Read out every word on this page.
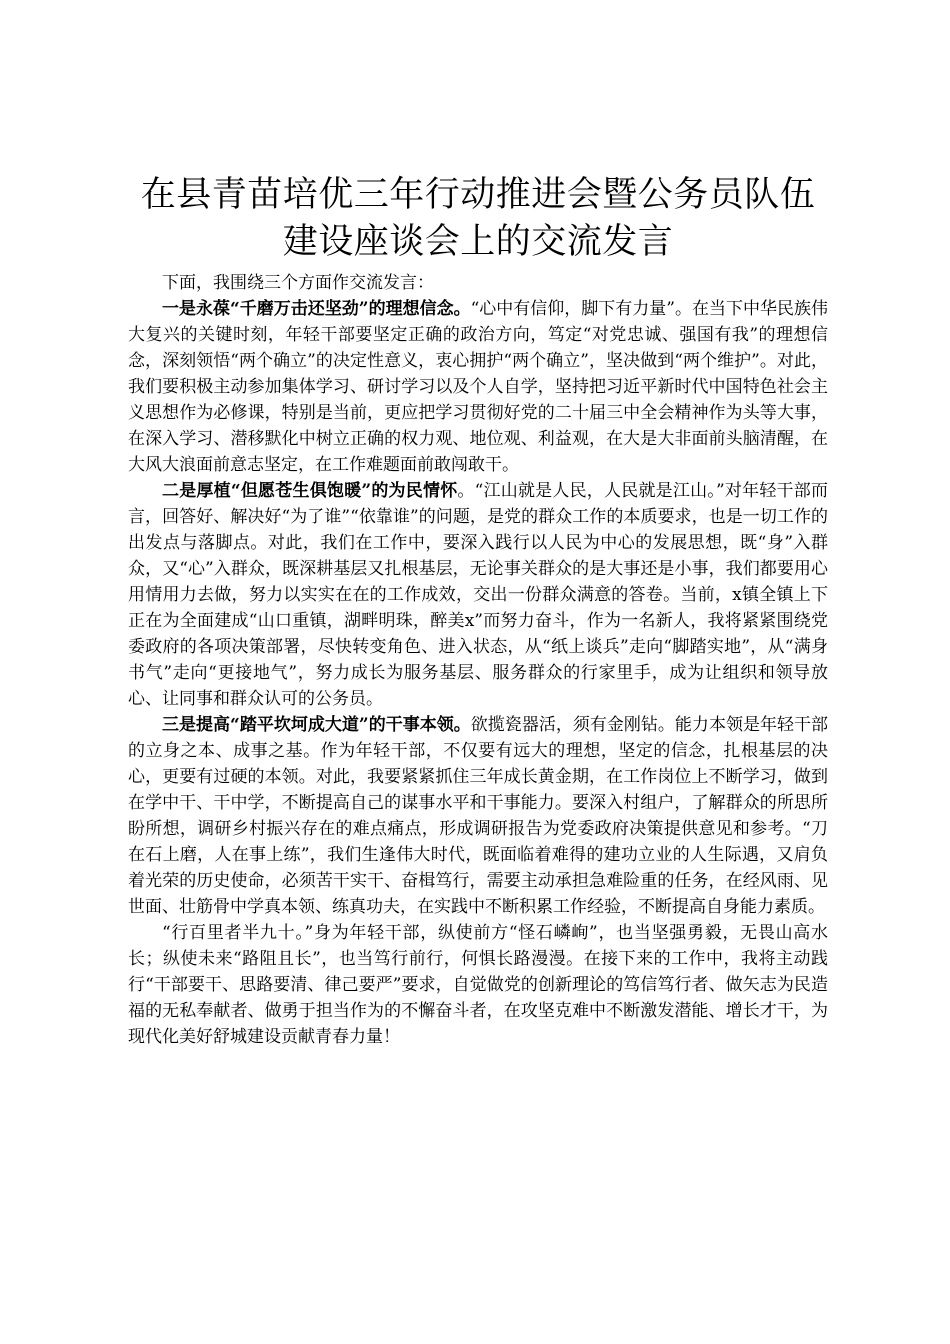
在县青苗培优三年行动推进会暨公务员队伍建设座谈会上的交流发言

下面，我围绕三个方面作交流发言：

一是永葆“千磨万击还坚劲”的理想信念。“心中有信仰，脚下有力量”。在当下中华民族伟大复兴的关键时刻，年轻干部要坚定正确的政治方向，笃定“对党忠诚、强国有我”的理想信念，深刻领悟“两个确立”的决定性意义，衷心拥护“两个确立”，坚决做到“两个维护”。对此，我们要积极主动参加集体学习、研讨学习以及个人自学，坚持把习近平新时代中国特色社会主义思想作为必修课，特别是当前，更应把学习贯彻好党的二十届三中全会精神作为头等大事，在深入学习、潜移默化中树立正确的权力观、地位观、利益观，在大是大非面前头脑清醒，在大风大浪面前意志坚定，在工作难题面前敢闯敢干。

二是厚植“但愿苍生俱饱暖”的为民情怀。“江山就是人民，人民就是江山。”对年轻干部而言，回答好、解决好“为了谁”“依靠谁”的问题，是党的群众工作的本质要求，也是一切工作的出发点与落脚点。对此，我们在工作中，要深入践行以人民为中心的发展思想，既“身”入群众，又“心”入群众，既深耕基层又扎根基层，无论事关群众的是大事还是小事，我们都要用心用情用力去做，努力以实实在在的工作成效，交出一份群众满意的答卷。当前，x镇全镇上下正在为全面建成“山口重镇，湖畔明珠，醉美x”而努力奋斗，作为一名新人，我将紧紧围绕党委政府的各项决策部署，尽快转变角色、进入状态，从“纸上谈兵”走向“脚踏实地”，从“满身书气”走向“更接地气”，努力成长为服务基层、服务群众的行家里手，成为让组织和领导放心、让同事和群众认可的公务员。

三是提高“踏平坎坷成大道”的干事本领。欲揽瓷器活，须有金刚钻。能力本领是年轻干部的立身之本、成事之基。作为年轻干部，不仅要有远大的理想，坚定的信念，扎根基层的决心，更要有过硬的本领。对此，我要紧紧抓住三年成长黄金期，在工作岗位上不断学习，做到在学中干、干中学，不断提高自己的谋事水平和干事能力。要深入村组户，了解群众的所思所盼所想，调研乡村振兴存在的难点痛点，形成调研报告为党委政府决策提供意见和参考。“刀在石上磨，人在事上练”，我们生逢伟大时代，既面临着难得的建功立业的人生际遇，又肩负着光荣的历史使命，必须苦干实干、奋楫笃行，需要主动承担急难险重的任务，在经风雨、见世面、壮筋骨中学真本领、练真功夫，在实践中不断积累工作经验，不断提高自身能力素质。

“行百里者半九十。”身为年轻干部，纵使前方“怪石嶙峋”，也当坚强勇毅，无畏山高水长；纵使未来“路阻且长”，也当笃行前行，何惧长路漫漫。在接下来的工作中，我将主动践行“干部要干、思路要清、律己要严”要求，自觉做党的创新理论的笃信笃行者、做矢志为民造福的无私奉献者、做勇于担当作为的不懈奋斗者，在攻坚克难中不断激发潜能、增长才干，为现代化美好舒城建设贡献青春力量！
